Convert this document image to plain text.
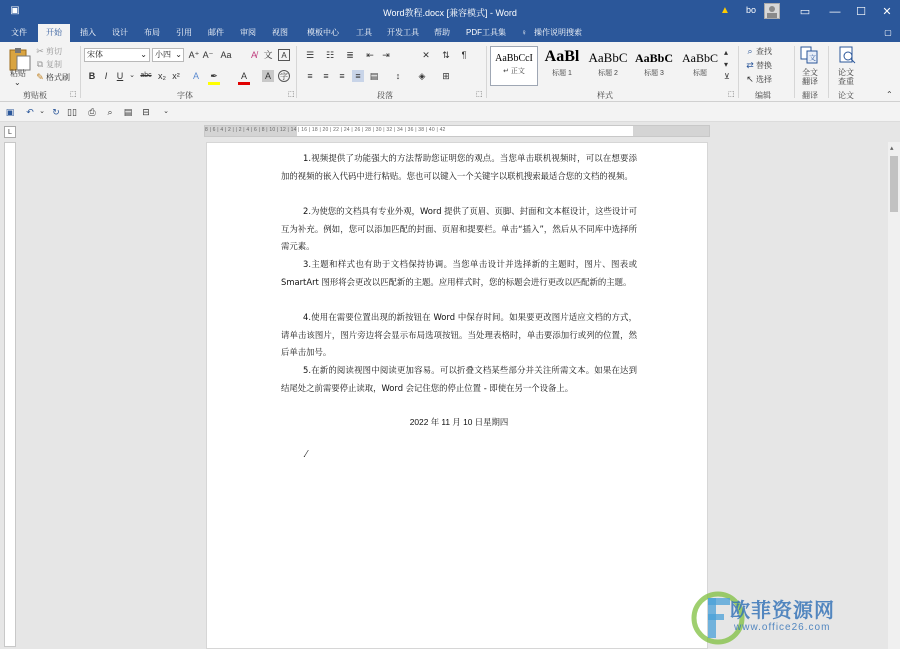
▣	Word教程.docx [兼容模式] - Word	▲ bo	▭	—	☐	✕
文件	开始	插入	设计	布局	引用	邮件	审阅	视图	模板中心	工具	开发工具	帮助	PDF工具集	♀ 操作说明搜索	▢
粘贴
⌄
✂ 剪切
⧉ 复制
✎ 格式刷
剪贴板	⬚
宋体	⌄	小四 ⌄ A⁺ A⁻ Aa	A̸ 文	A
B	I	U ⌄ abc x₂ x²	A	✒	A	A	字
字体	⬚
☰ ☷ ≣ ⇤ ⇥	✕ ⇅	¶
≡	≡	≡	≡	▤	↕	◈ ⊞
段落	⬚
AaBbCcI
↵ 正文
AaBl
标题 1
AaBbC
标题 2
AaBbC
标题 3
AaBbC
标题
▴
▾
⊻
样式	⬚
⌕ 查找
⇄ 替换
↖ 选择
编辑
文
全文翻译
翻译
论文查重
论文	⌃
▣ ↶ ⌄ ↻ ▯▯ ⎙	⌕	▤ ⊟	⌄
L	8 | 6 | 4 | 2 | | 2 | 4 | 6 | 8 | 10 | 12 | 14 | 16 | 18 | 20 | 22 | 24 | 26 | 28 | 30 | 32 | 34 | 36 | 38 | 40 | 42

1.视频提供了功能强大的方法帮助您证明您的观点。当您单击联机视频时，可以在想要添加的视频的嵌入代码中进行粘贴。您也可以键入一个关键字以联机搜索最适合您的文档的视频。

2.为使您的文档具有专业外观，Word 提供了页眉、页脚、封面和文本框设计，这些设计可互为补充。例如，您可以添加匹配的封面、页眉和提要栏。单击“插入”，然后从不同库中选择所需元素。

3.主题和样式也有助于文档保持协调。当您单击设计并选择新的主题时，图片、图表或 SmartArt 图形将会更改以匹配新的主题。应用样式时，您的标题会进行更改以匹配新的主题。

4.使用在需要位置出现的新按钮在 Word 中保存时间。如果要更改图片适应文档的方式，请单击该图片，图片旁边将会显示布局选项按钮。当处理表格时，单击要添加行或列的位置，然后单击加号。

5.在新的阅读视图中阅读更加容易。可以折叠文档某些部分并关注所需文本。如果在达到结尾处之前需要停止读取，Word 会记住您的停止位置 - 即使在另一个设备上。

2022 年 11 月 10 日星期四

.⁄
▴
欧菲资源网
www.office26.com
